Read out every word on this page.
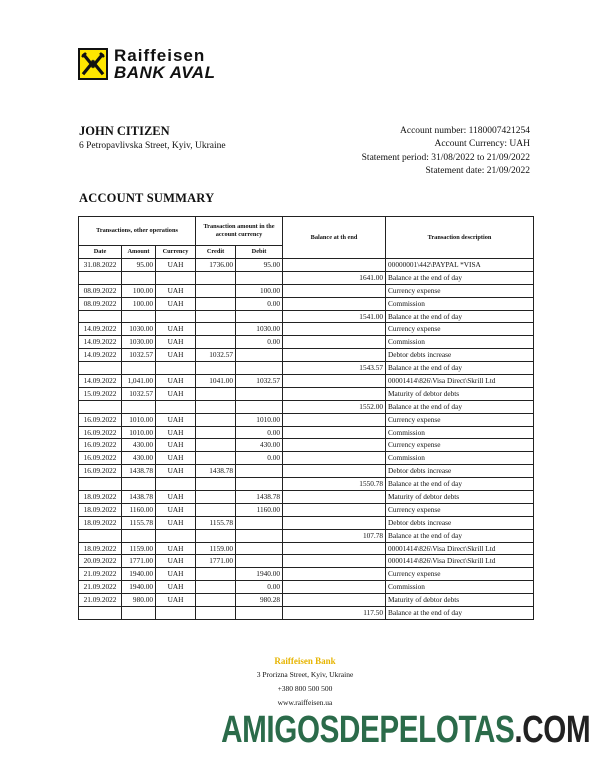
Raiffeisen
BANK AVAL
JOHN CITIZEN
6 Petropavlivska Street, Kyiv, Ukraine
Account number: 1180007421254
Account Currency: UAH
Statement period: 31/08/2022 to 21/09/2022
Statement date: 21/09/2022
ACCOUNT SUMMARY
Transactions, other operations			Transaction amount in the account currency		Balance at th end	Transaction description
Date	Amount	Currency	Credit	Debit		
31.08.2022	95.00	UAH	1736.00	95.00		00000001\442\PAYPAL *VISA
					1641.00	Balance at the end of day
08.09.2022	100.00	UAH		100.00		Currency expense
08.09.2022	100.00	UAH		0.00		Commission
					1541.00	Balance at the end of day
14.09.2022	1030.00	UAH		1030.00		Currency expense
14.09.2022	1030.00	UAH		0.00		Commission
14.09.2022	1032.57	UAH	1032.57			Debtor debts increase
					1543.57	Balance at the end of day
14.09.2022	1,041.00	UAH	1041.00	1032.57		00001414\826\Visa Direct\Skrill Ltd
15.09.2022	1032.57	UAH				Maturity of debtor debts
					1552.00	Balance at the end of day
16.09.2022	1010.00	UAH		1010.00		Currency expense
16.09.2022	1010.00	UAH		0.00		Commission
16.09.2022	430.00	UAH		430.00		Currency expense
16.09.2022	430.00	UAH		0.00		Commission
16.09.2022	1438.78	UAH	1438.78			Debtor debts increase
					1550.78	Balance at the end of day
18.09.2022	1438.78	UAH		1438.78		Maturity of debtor debts
18.09.2022	1160.00	UAH		1160.00		Currency expense
18.09.2022	1155.78	UAH	1155.78			Debtor debts increase
					107.78	Balance at the end of day
18.09.2022	1159.00	UAH	1159.00			00001414\826\Visa Direct\Skrill Ltd
20.09.2022	1771.00	UAH	1771.00			00001414\826\Visa Direct\Skrill Ltd
21.09.2022	1940.00	UAH		1940.00		Currency expense
21.09.2022	1940.00	UAH		0.00		Commission
21.09.2022	980.00	UAH		980.28		Maturity of debtor debts
					117.50	Balance at the end of day
Raiffeisen Bank
3 Prorizna Street, Kyiv, Ukraine
+380 800 500 500
www.raiffeisen.ua
AMIGOSDEPELOTAS.COM
